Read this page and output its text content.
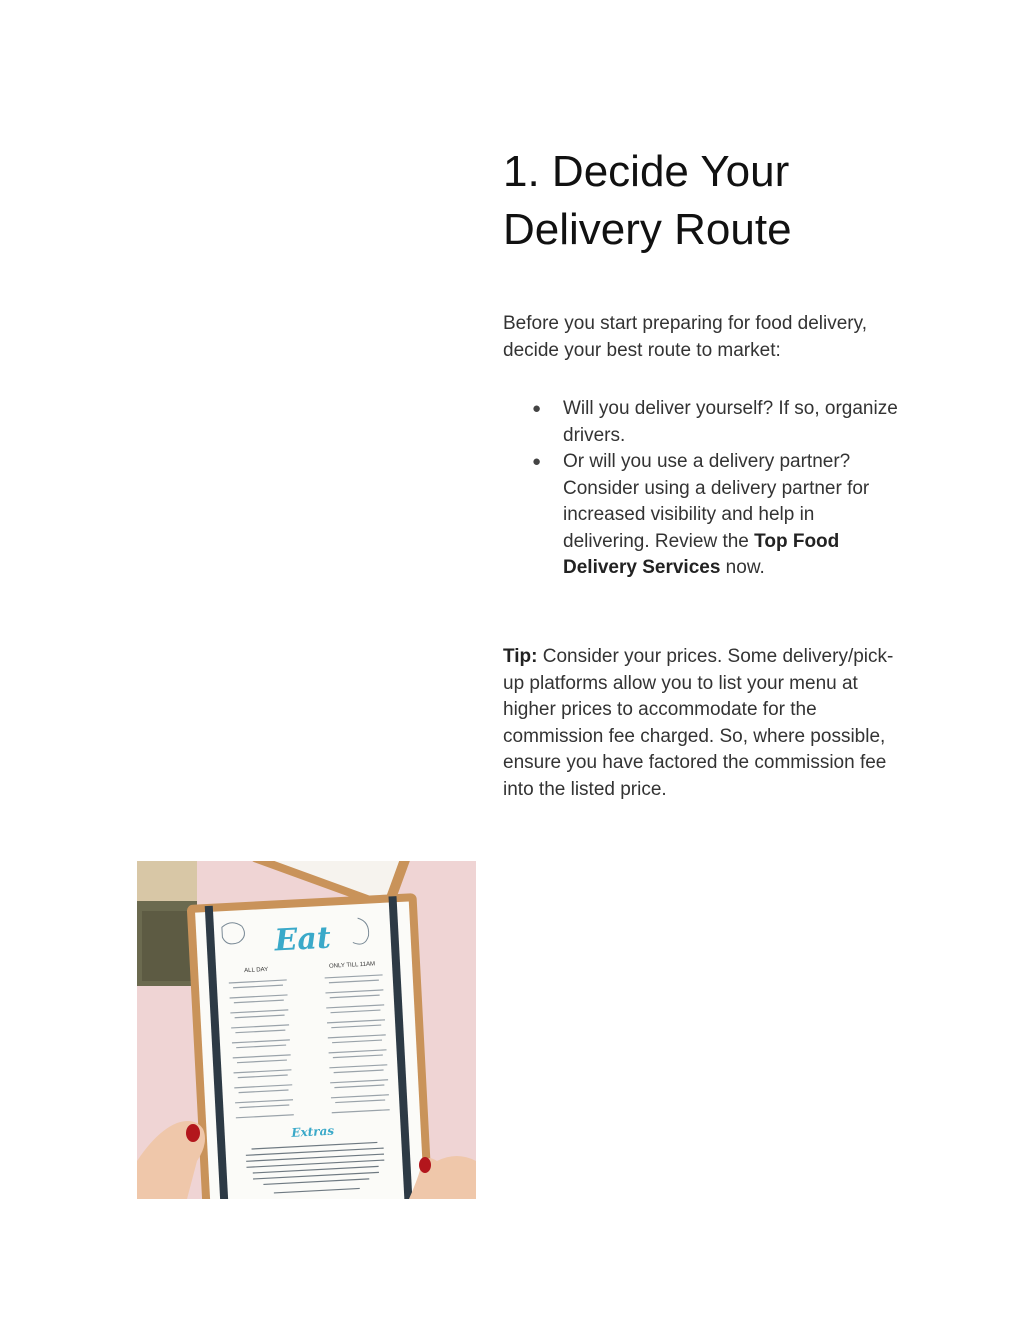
1. Decide Your Delivery Route

Before you start preparing for food delivery, decide your best route to market:

● Will you deliver yourself? If so, organize drivers.
● Or will you use a delivery partner? Consider using a delivery partner for increased visibility and help in delivering. Review the Top Food Delivery Services now.

Tip: Consider your prices. Some delivery/pick-up platforms allow you to list your menu at higher prices to accommodate for the commission fee charged. So, where possible, ensure you have factored the commission fee into the listed price.

Eat
ALL DAY
ONLY TILL 11AM
Extras
